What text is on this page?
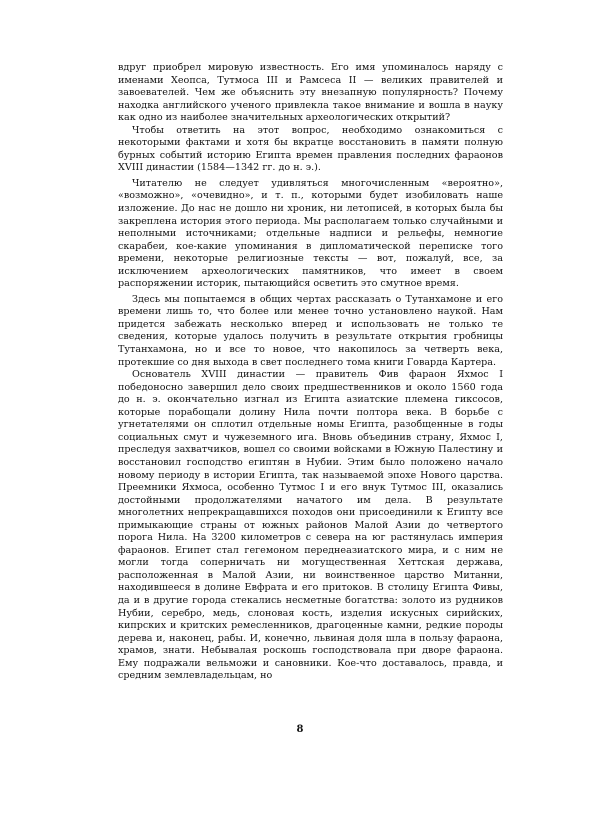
вдруг приобрел мировую известность. Его имя упоминалось наряду с именами Хеопса, Тутмоса III и Рамсеса II — великих правителей и завоевателей. Чем же объяснить эту внезапную популярность? Почему находка английского ученого привлекла такое внимание и вошла в науку как одно из наиболее значительных археологических открытий?

Чтобы ответить на этот вопрос, необходимо ознакомиться с некоторыми фактами и хотя бы вкратце восстановить в памяти полную бурных событий историю Египта времен правления последних фараонов XVIII династии (1584—1342 гг. до н. э.).

Читателю не следует удивляться многочисленным «вероятно», «возможно», «очевидно», и т. п., которыми будет изобиловать наше изложение. До нас не дошло ни хроник, ни летописей, в которых была бы закреплена история этого периода. Мы располагаем только случайными и неполными источниками; отдельные надписи и рельефы, немногие скарабеи, кое-какие упоминания в дипломатической переписке того времени, некоторые религиозные тексты — вот, пожалуй, все, за исключением археологических памятников, что имеет в своем распоряжении историк, пытающийся осветить это смутное время.

Здесь мы попытаемся в общих чертах рассказать о Тутанхамоне и его времени лишь то, что более или менее точно установлено наукой. Нам придется забежать несколько вперед и использовать не только те сведения, которые удалось получить в результате открытия гробницы Тутанхамона, но и все то новое, что накопилось за четверть века, протекшие со дня выхода в свет последнего тома книги Говарда Картера.

Основатель XVIII династии — правитель Фив фараон Яхмос I победоносно завершил дело своих предшественников и около 1560 года до н. э. окончательно изгнал из Египта азиатские племена гиксосов, которые порабощали долину Нила почти полтора века. В борьбе с угнетателями он сплотил отдельные номы Египта, разобщенные в годы социальных смут и чужеземного ига. Вновь объединив страну, Яхмос I, преследуя захватчиков, вошел со своими войсками в Южную Палестину и восстановил господство египтян в Нубии. Этим было положено начало новому периоду в истории Египта, так называемой эпохе Нового царства. Преемники Яхмоса, особенно Тутмос I и его внук Тутмос III, оказались достойными продолжателями начатого им дела. В результате многолетних непрекращавшихся походов они присоединили к Египту все примыкающие страны от южных районов Малой Азии до четвертого порога Нила. На 3200 километров с севера на юг растянулась империя фараонов. Египет стал гегемоном переднеазиатского мира, и с ним не могли тогда соперничать ни могущественная Хеттская держава, расположенная в Малой Азии, ни воинственное царство Митанни, находившееся в долине Евфрата и его притоков. В столицу Египта Фивы, да и в другие города стекались несметные богатства: золото из рудников Нубии, серебро, медь, слоновая кость, изделия искусных сирийских, кипрских и критских ремесленников, драгоценные камни, редкие породы дерева и, наконец, рабы. И, конечно, львиная доля шла в пользу фараона, храмов, знати. Небывалая роскошь господствовала при дворе фараона. Ему подражали вельможи и сановники. Кое-что доставалось, правда, и средним землевладельцам, но

8
